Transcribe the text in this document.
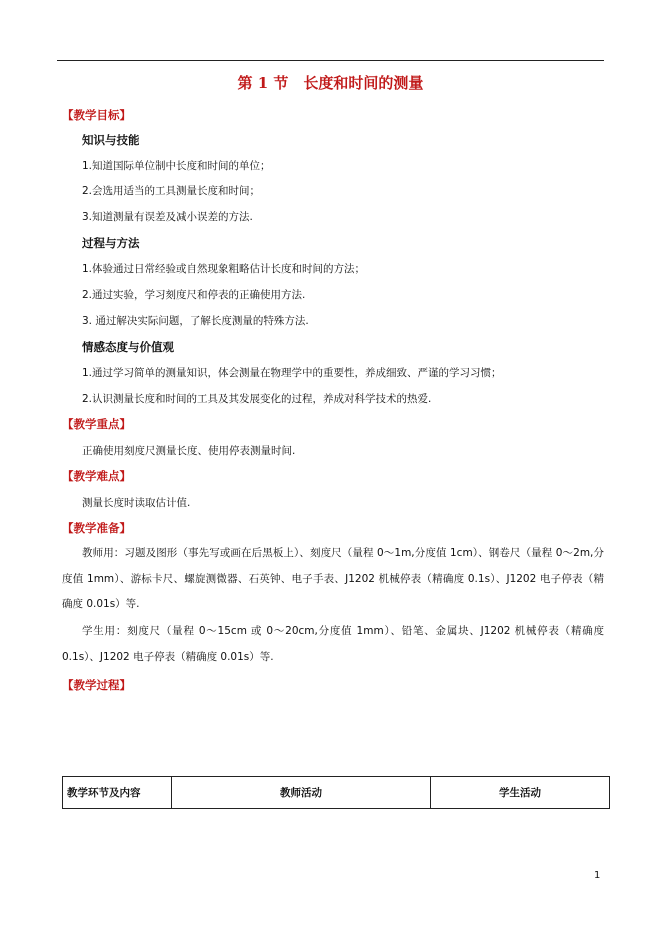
第 1 节　长度和时间的测量
【教学目标】
知识与技能
1.知道国际单位制中长度和时间的单位；
2.会选用适当的工具测量长度和时间；
3.知道测量有误差及减小误差的方法.
过程与方法
1.体验通过日常经验或自然现象粗略估计长度和时间的方法；
2.通过实验，学习刻度尺和停表的正确使用方法.
3. 通过解决实际问题，了解长度测量的特殊方法.
情感态度与价值观
1.通过学习简单的测量知识，体会测量在物理学中的重要性，养成细致、严谨的学习习惯；
2.认识测量长度和时间的工具及其发展变化的过程，养成对科学技术的热爱.
【教学重点】
正确使用刻度尺测量长度、使用停表测量时间.
【教学难点】
测量长度时读取估计值.
【教学准备】
教师用：习题及图形（事先写或画在后黑板上）、刻度尺（量程 0～1m,分度值 1cm）、钢卷尺（量程 0～2m,分度值 1mm）、游标卡尺、螺旋测微器、石英钟、电子手表、J1202 机械停表（精确度 0.1s）、J1202 电子停表（精确度 0.01s）等.
学生用：刻度尺（量程 0～15cm 或 0～20cm,分度值 1mm）、铅笔、金属块、J1202 机械停表（精确度 0.1s）、J1202 电子停表（精确度 0.01s）等.
【教学过程】
教学环节及内容	教师活动	学生活动
1
